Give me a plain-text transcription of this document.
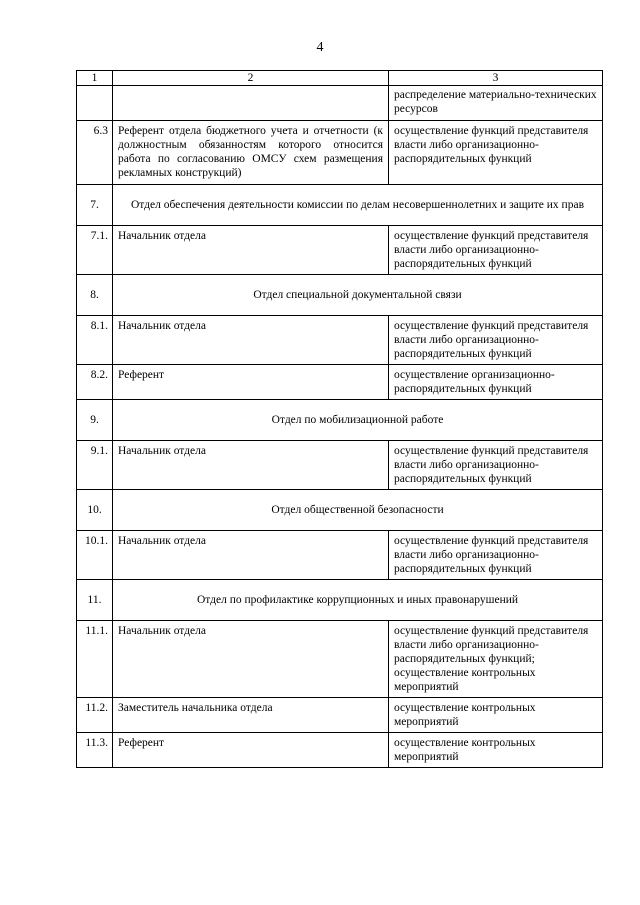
4
1	2	3
		распределение материально-технических ресурсов
6.3	Референт отдела бюджетного учета и отчетности (к должностным обязанностям которого относится работа по согласованию ОМСУ схем размещения рекламных конструкций)	осуществление функций представителя власти либо организационно-распорядительных функций
7.	Отдел обеспечения деятельности комиссии по делам несовершеннолетних и защите их прав	
7.1.	Начальник отдела	осуществление функций представителя власти либо организационно-распорядительных функций
8.	Отдел специальной документальной связи	
8.1.	Начальник отдела	осуществление функций представителя власти либо организационно-распорядительных функций
8.2.	Референт	осуществление организационно-распорядительных функций
9.	Отдел по мобилизационной работе	
9.1.	Начальник отдела	осуществление функций представителя власти либо организационно-распорядительных функций
10.	Отдел общественной безопасности	
10.1.	Начальник отдела	осуществление функций представителя власти либо организационно-распорядительных функций
11.	Отдел по профилактике коррупционных и иных правонарушений	
11.1.	Начальник отдела	осуществление функций представителя власти либо организационно-распорядительных функций; осуществление контрольных мероприятий
11.2.	Заместитель начальника отдела	осуществление контрольных мероприятий
11.3.	Референт	осуществление контрольных мероприятий
